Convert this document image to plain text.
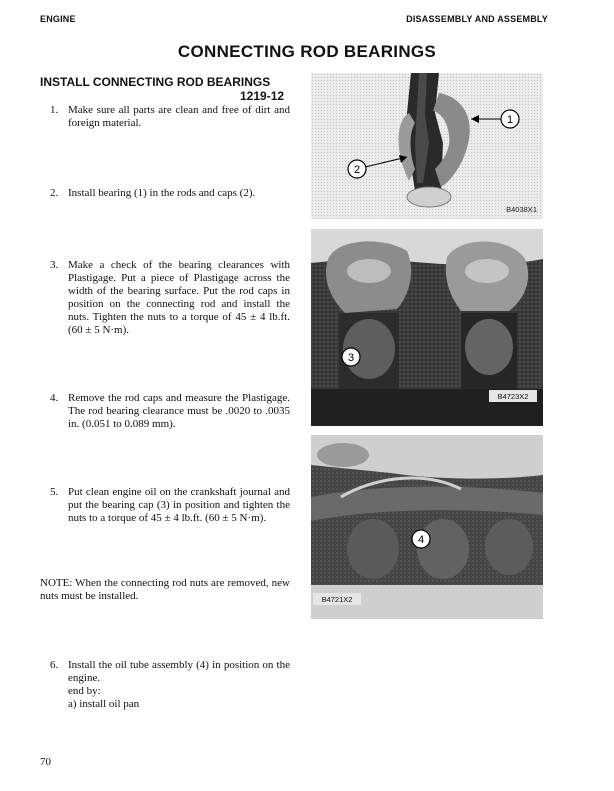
ENGINE	DISASSEMBLY AND ASSEMBLY
CONNECTING ROD BEARINGS
INSTALL CONNECTING ROD BEARINGS
1219-12
1. Make sure all parts are clean and free of dirt and foreign material.
2. Install bearing (1) in the rods and caps (2).
3. Make a check of the bearing clearances with Plastigage. Put a piece of Plastigage across the width of the bearing surface. Put the rod caps in position on the connecting rod and install the nuts. Tighten the nuts to a torque of 45 ± 4 lb.ft. (60 ± 5 N·m).
4. Remove the rod caps and measure the Plastigage. The rod bearing clearance must be .0020 to .0035 in. (0.051 to 0.089 mm).
5. Put clean engine oil on the crankshaft journal and put the bearing cap (3) in position and tighten the nuts to a torque of 45 ± 4 lb.ft. (60 ± 5 N·m).
NOTE: When the connecting rod nuts are removed, new nuts must be installed.
6. Install the oil tube assembly (4) in position on the engine.
end by:
a) install oil pan
70
1
2
B4038X1
3
B4723X2
4
B4721X2
